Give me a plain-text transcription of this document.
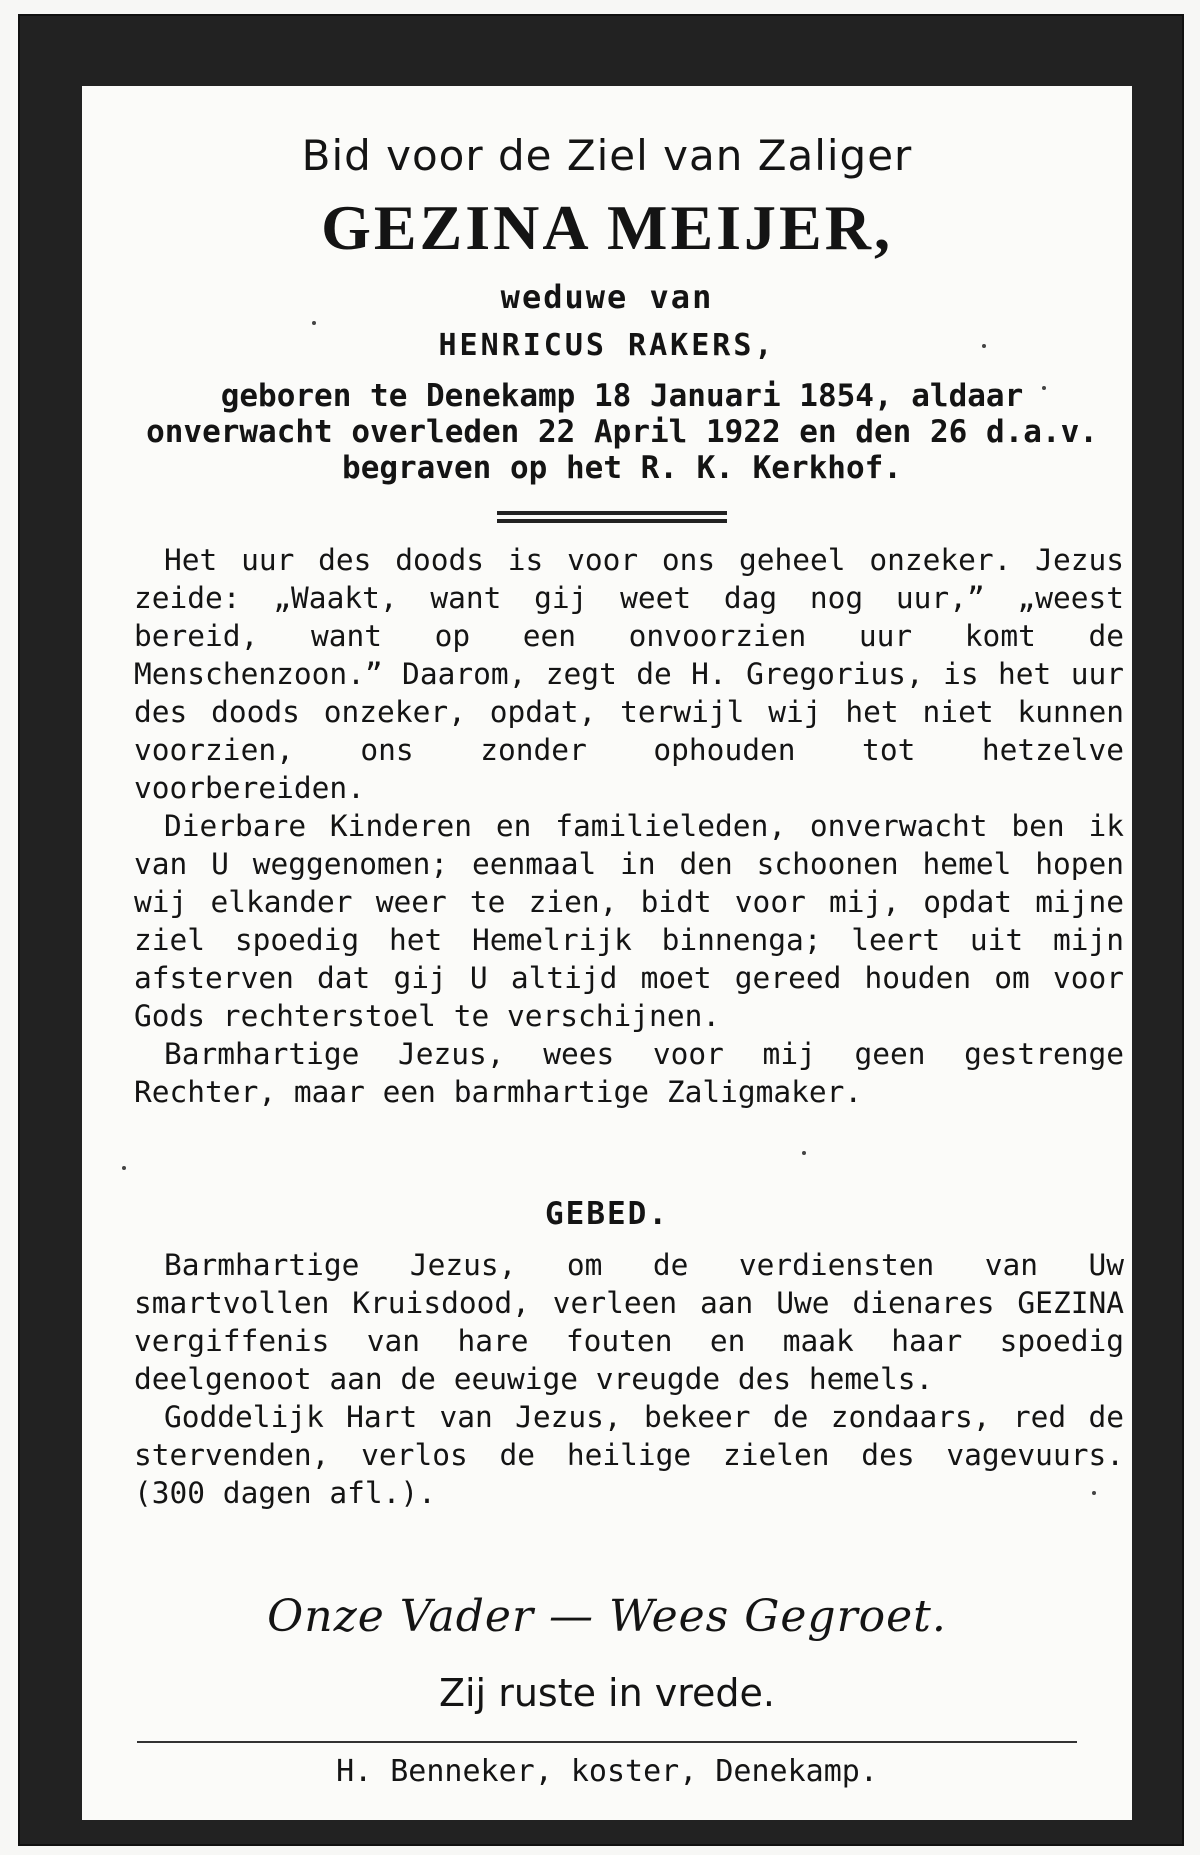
Bid voor de Ziel van Zaliger
GEZINA MEIJER,
weduwe van
HENRICUS RAKERS,
geboren te Denekamp 18 Januari 1854, aldaar onverwacht overleden 22 April 1922 en den 26 d.a.v. begraven op het R. K. Kerkhof.

Het uur des doods is voor ons geheel onzeker. Jezus zeide: „Waakt, want gij weet dag nog uur,” „weest bereid, want op een onvoorzien uur komt de Menschenzoon.” Daarom, zegt de H. Gregorius, is het uur des doods onzeker, opdat, terwijl wij het niet kunnen voorzien, ons zonder ophouden tot hetzelve voorbereiden.

Dierbare Kinderen en familieleden, onverwacht ben ik van U weggenomen; eenmaal in den schoonen hemel hopen wij elkander weer te zien, bidt voor mij, opdat mijne ziel spoedig het Hemelrijk binnenga; leert uit mijn afsterven dat gij U altijd moet gereed houden om voor Gods rechterstoel te verschijnen.

Barmhartige Jezus, wees voor mij geen gestrenge Rechter, maar een barmhartige Zaligmaker.

GEBED.

Barmhartige Jezus, om de verdiensten van Uw smartvollen Kruisdood, verleen aan Uwe dienares GEZINA vergiffenis van hare fouten en maak haar spoedig deelgenoot aan de eeuwige vreugde des hemels.

Goddelijk Hart van Jezus, bekeer de zondaars, red de stervenden, verlos de heilige zielen des vagevuurs. (300 dagen afl.).

Onze Vader — Wees Gegroet.
Zij ruste in vrede.
H. Benneker, koster, Denekamp.
